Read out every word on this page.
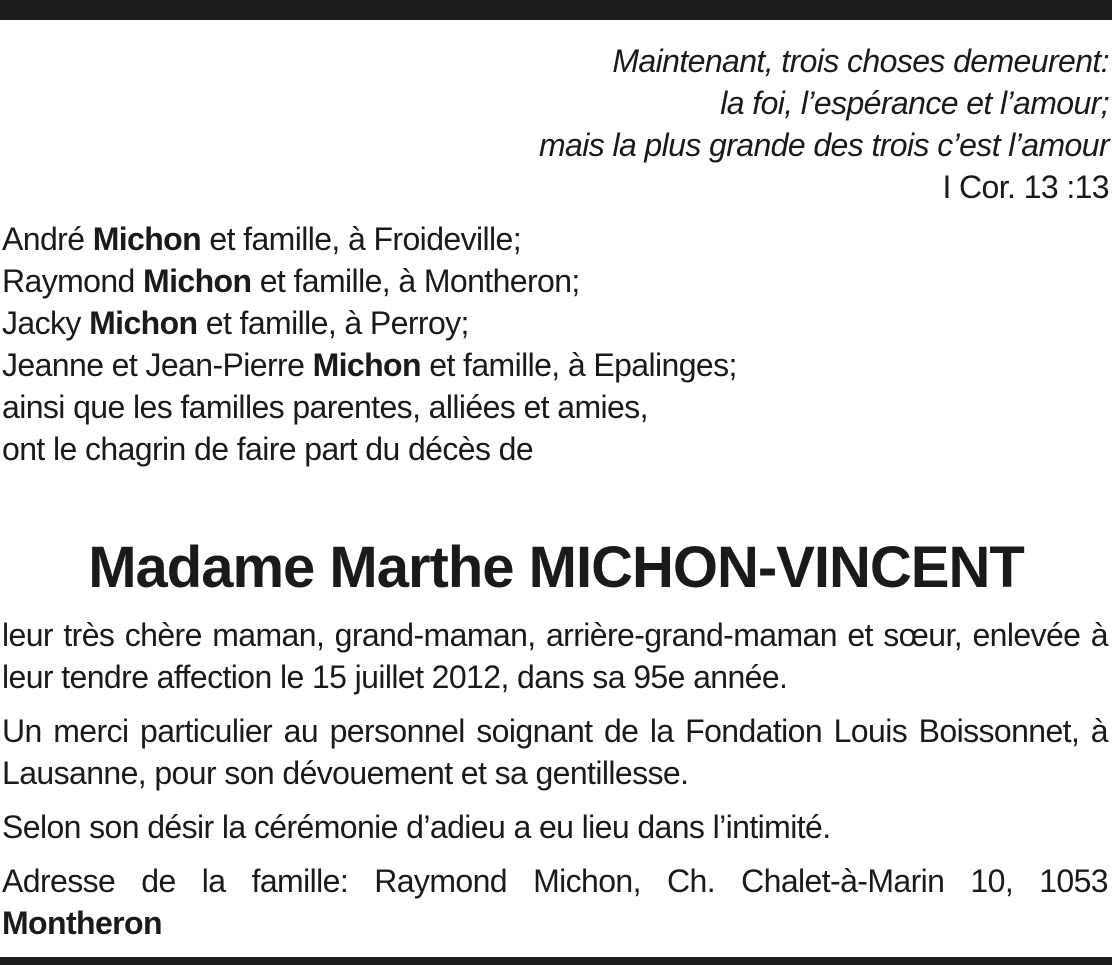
Maintenant, trois choses demeurent:
la foi, l’espérance et l’amour;
mais la plus grande des trois c’est l’amour
I Cor. 13 :13
André Michon et famille, à Froideville;
Raymond Michon et famille, à Montheron;
Jacky Michon et famille, à Perroy;
Jeanne et Jean-Pierre Michon et famille, à Epalinges;
ainsi que les familles parentes, alliées et amies,
ont le chagrin de faire part du décès de
Madame Marthe MICHON-VINCENT
leur très chère maman, grand-maman, arrière-grand-maman et sœur, enlevée à leur tendre affection le 15 juillet 2012, dans sa 95e année.
Un merci particulier au personnel soignant de la Fondation Louis Boissonnet, à Lausanne, pour son dévouement et sa gentillesse.
Selon son désir la cérémonie d’adieu a eu lieu dans l’intimité.
Adresse de la famille: Raymond Michon, Ch. Chalet-à-Marin 10, 1053 Montheron
